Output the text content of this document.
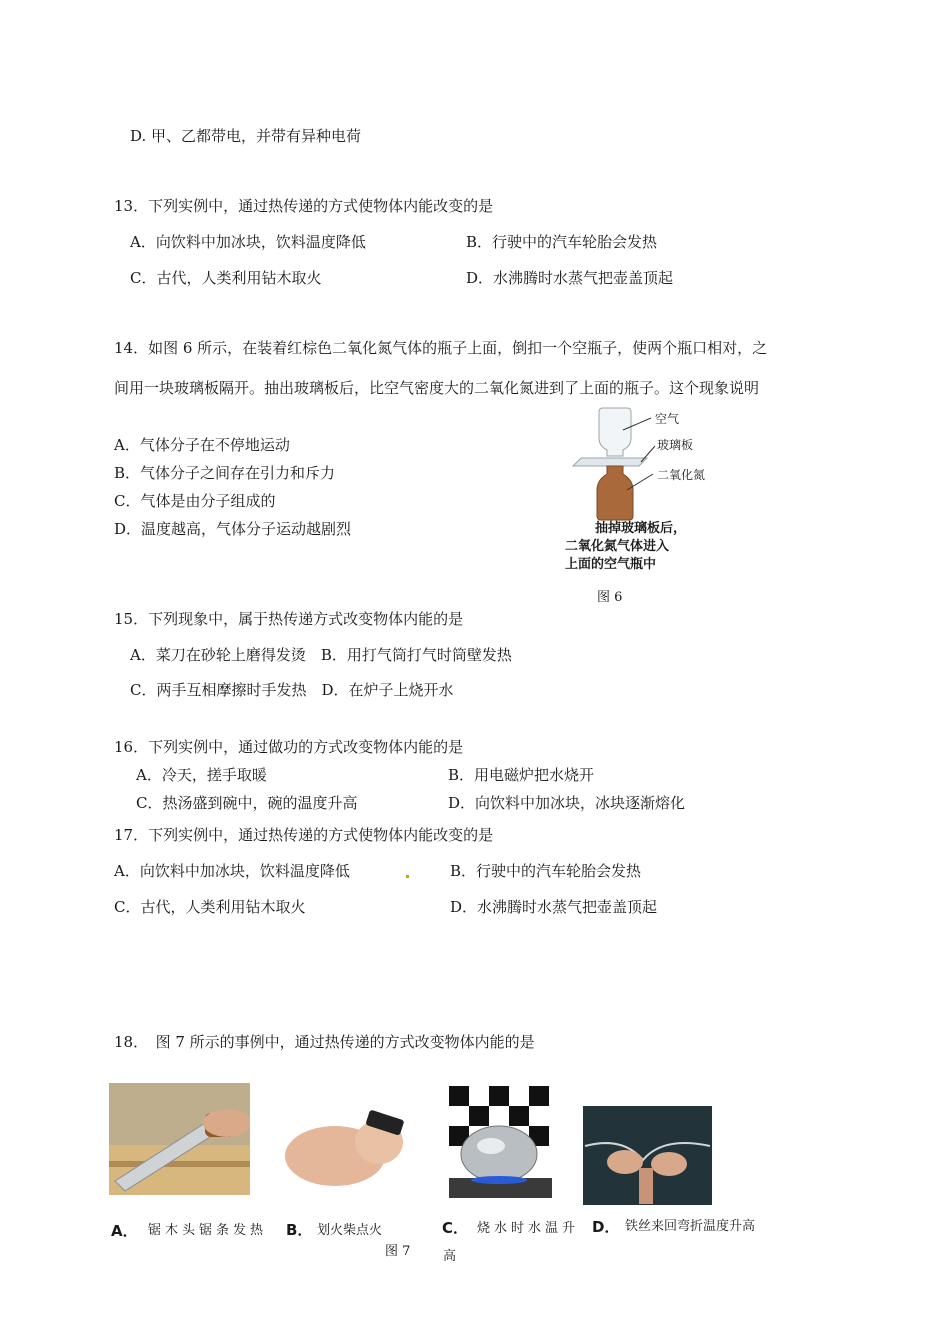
D. 甲、乙都带电，并带有异种电荷
13．下列实例中，通过热传递的方式使物体内能改变的是
A．向饮料中加冰块，饮料温度降低	B．行驶中的汽车轮胎会发热
C．古代，人类利用钻木取火	D．水沸腾时水蒸气把壶盖顶起
14．如图 6 所示，在装着红棕色二氧化氮气体的瓶子上面，倒扣一个空瓶子，使两个瓶口相对，之
间用一块玻璃板隔开。抽出玻璃板后，比空气密度大的二氧化氮进到了上面的瓶子。这个现象说明
A．气体分子在不停地运动
B．气体分子之间存在引力和斥力
C．气体是由分子组成的
D．温度越高，气体分子运动越剧烈
空气
玻璃板
二氧化氮
抽掉玻璃板后，
二氧化氮气体进入
上面的空气瓶中
图 6
15．下列现象中，属于热传递方式改变物体内能的是
A．菜刀在砂轮上磨得发烫　B．用打气筒打气时筒壁发热
C．两手互相摩擦时手发热　D．在炉子上烧开水
16．下列实例中，通过做功的方式改变物体内能的是
A．冷天，搓手取暖	B．用电磁炉把水烧开
C．热汤盛到碗中，碗的温度升高	D．向饮料中加冰块，冰块逐渐熔化
17．下列实例中，通过热传递的方式使物体内能改变的是
A．向饮料中加冰块，饮料温度降低	B．行驶中的汽车轮胎会发热
C．古代，人类利用钻木取火	D．水沸腾时水蒸气把壶盖顶起
18．　图 7 所示的事例中，通过热传递的方式改变物体内能的是
A． 锯木头锯条发热 B． 划火柴点火	C． 烧水时水温升
高
D． 铁丝来回弯折温度升高
图 7
